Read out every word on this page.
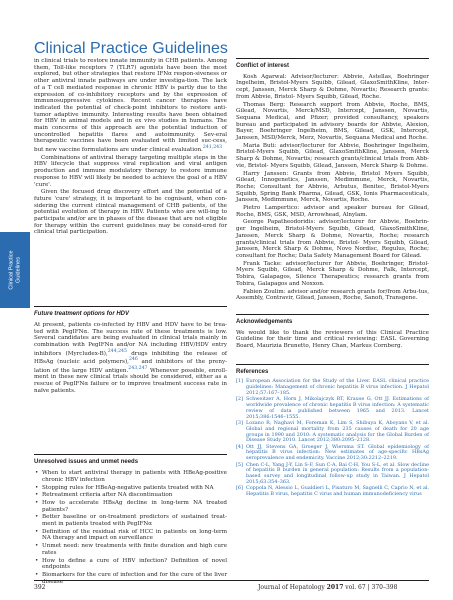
Clinical Practice Guidelines
Clinical Practice
Guidelines

in clinical trials to restore innate immunity in CHB patients. Among them, Toll-like receptors 7 (TLR7) agonists have been the most explored, but other strategies that restore IFNα respon-siveness or other antiviral innate pathways are under investiga-tion. The lack of a T cell mediated response in chronic HBV is partly due to the expression of co-inhibitory receptors and by the expression of immunosuppressive cytokines. Recent cancer therapies have indicated the potential of check-point inhibitors to restore anti-tumor adaptive immunity. Interesting results have been obtained for HBV in animal models and in ex vivo studies in humans. The main concerns of this approach are the potential induction of uncontrolled hepatitis flares and autoimmunity. Sev-eral therapeutic vaccines have been evaluated with limited suc-cess, but new vaccine formulations are under clinical evaluation.$^{241,243}$

Combinations of antiviral therapy targeting multiple steps in the HBV lifecycle that suppress viral replication and viral antigen production and immune modulatory therapy to restore immune response to HBV will likely be needed to achieve the goal of a HBV 'cure'.

Given the focused drug discovery effort and the potential of a future 'cure' strategy, it is important to be cognisant, when con-sidering the current clinical management of CHB patients, of the potential evolution of therapy in HBV. Patients who are will-ing to participate and/or are in phases of the disease that are not eligible for therapy within the current guidelines may be consid-ered for clinical trial participation.

Future treatment options for HDV

At present, patients co-infected by HBV and HDV have to be trea-ted with PegIFNα. The success rate of these treatments is low. Several candidates are being evaluated in clinical trials mainly in combination with PegIFNα and/or NA including HBV/HDV entry inhibitors (Myrcludex-B),$^{244,245}$ drugs inhibiting the release of HBsAg (nucleic acid polymers),$^{246}$ and inhibitors of the preny-lation of the large HDV antigen.$^{243,247}$ Whenever possible, enroll-ment in these new clinical trials should be considered, either as a rescue of PegIFNα failure or to improve treatment success rate in naïve patients.

Unresolved issues and unmet needs
• When to start antiviral therapy in patients with HBeAg-positive chronic HBV infection
• Stopping rules for HBeAg-negative patients treated with NA
• Retreatment criteria after NA discontinuation
• How to accelerate HBsAg decline in long-term NA treated patients?
• Better baseline or on-treatment predictors of sustained treat-ment in patients treated with PegIFNα
• Definition of the residual risk of HCC in patients on long-term NA therapy and impact on surveillance
• Unmet need: new treatments with finite duration and high cure rates
• How to define a cure of HBV infection? Definition of novel endpoints
• Biomarkers for the cure of infection and for the cure of the liver disease
Conflict of interest

Kosh Agarwal: Advisor/lecturer: Abbvie, Astellas, Boehringer Ingelheim, Bristol-Myers Squibb, Gilead, GlaxoSmithKline, Inter-cept, Janssen, Merck Sharp & Dohme, Novartis; Research grants: from Abbvie, Bristol- Myers Squibb, Gilead, Roche.

Thomas Berg: Research support from Abbvie, Roche, BMS, Gilead, Novartis, Merck/MSD, Intercept, Janssen, Novartis, Sequana Medical, and Pfizer; provided consultancy, speakers bureau and participated in advisory boards for Abbvie, Alexion, Bayer, Boehringer Ingelheim, BMS, Gilead, GSK, Intercept, Janssen, MSD/Merck, Merz, Novartis, Sequana Medical and Roche.

Maria Buti: advisor/lecturer for Abbvie, Boehringer Ingelheim, Bristol-Myers Squibb, Gilead, GlaxoSmithKline, Janssen, Merck Sharp & Dohme, Novartis; research grants/clinical trials from Abb-vie, Bristol- Myers Squibb, Gilead, Janssen, Merck Sharp & Dohme.

Harry Janssen: Grants from Abbvie, Bristol Myers Squibb, Gilead, Innogenetics, Janssen, Medimmune, Merck, Novartis, Roche; Consultant for Abbvie, Arbutus, Benitec, Bristol-Myers Squibb, Spring Bank Pharma, Gilead, GSK, Ionis Pharmaceuticals, Janssen, Medimmune, Merck, Novartis, Roche.

Pietro Lampertico: advisor and speaker bureau for Gilead, Roche, BMS, GSK, MSD, Arrowhead, Alnylam.

George Papatheodoridis: advisor/lecturer for Abbvie, Boehrin-ger Ingelheim, Bristol-Myers Squibb, Gilead, GlaxoSmithKline, Janssen, Merck Sharp & Dohme, Novartis, Roche; research grants/clinical trials from Abbvie, Bristol- Myers Squibb, Gilead, Janssen, Merck Sharp & Dohme, Novo Nordisc, Regulus, Roche; consultant for Roche; Data Safety Management Board for Gilead.

Frank Tacke: advisor/lecturer for Abbvie, Boehringer, Bristol-Myers Squibb, Gilead, Merck Sharp & Dohme, Falk, Intercept, Tobira, Galapagos, Silence Therapeutics; research grants from Tobira, Galapagos and Noxxon.

Fabien Zoulim: advisor and/or research grants for/from Arbu-tus, Assembly, Contravir, Gilead, Janssen, Roche, Sanofi, Transgene.

Acknowledgements

We would like to thank the reviewers of this Clinical Practice Guideline for their time and critical reviewing: EASL Governing Board, Maurizia Brunetto, Henry Chan, Markus Cornberg.

References
[1] European Association for the Study of the Liver. EASL clinical practice guidelines: Management of chronic hepatitis B virus infection. J Hepatol 2012;57:167–185.
[2] Schweitzer A, Horn J, Mikolajczyk RT, Krause G, Ott JJ. Estimations of worldwide prevalence of chronic hepatitis B virus infection: A systematic review of data published between 1965 and 2013. Lancet 2015;386:1546–1555.
[3] Lozano R, Naghavi M, Foreman K, Lim S, Shibuya K, Aboyans V, et al. Global and regional mortality from 235 causes of death for 20 age groups in 1990 and 2010: A systematic analysis for the Global Burden of Disease Study 2010. Lancet 2012;380:2095–2128.
[4] Ott JJ, Stevens GA, Groeger J, Wiersma ST. Global epidemiology of hepatitis B virus infection: New estimates of age-specific HBsAg seroprevalence and endemicity. Vaccine 2012;30:2212–2219.
[5] Chen C-L, Yang J-Y, Lin S-F, Sun C-A, Bai C-H, You S-L, et al. Slow decline of hepatitis B burden in general population: Results from a population-based survey and longitudinal follow-up study in Taiwan. J Hepatol 2015;63:354–363.
[6] Coppola N, Alessio L, Gualdieri L, Pisaturo M, Sagnelli C, Caprio N, et al. Hepatitis B virus, hepatitis C virus and human immunodeficiency virus
392	Journal of Hepatology 2017 vol. 67 | 370–398
